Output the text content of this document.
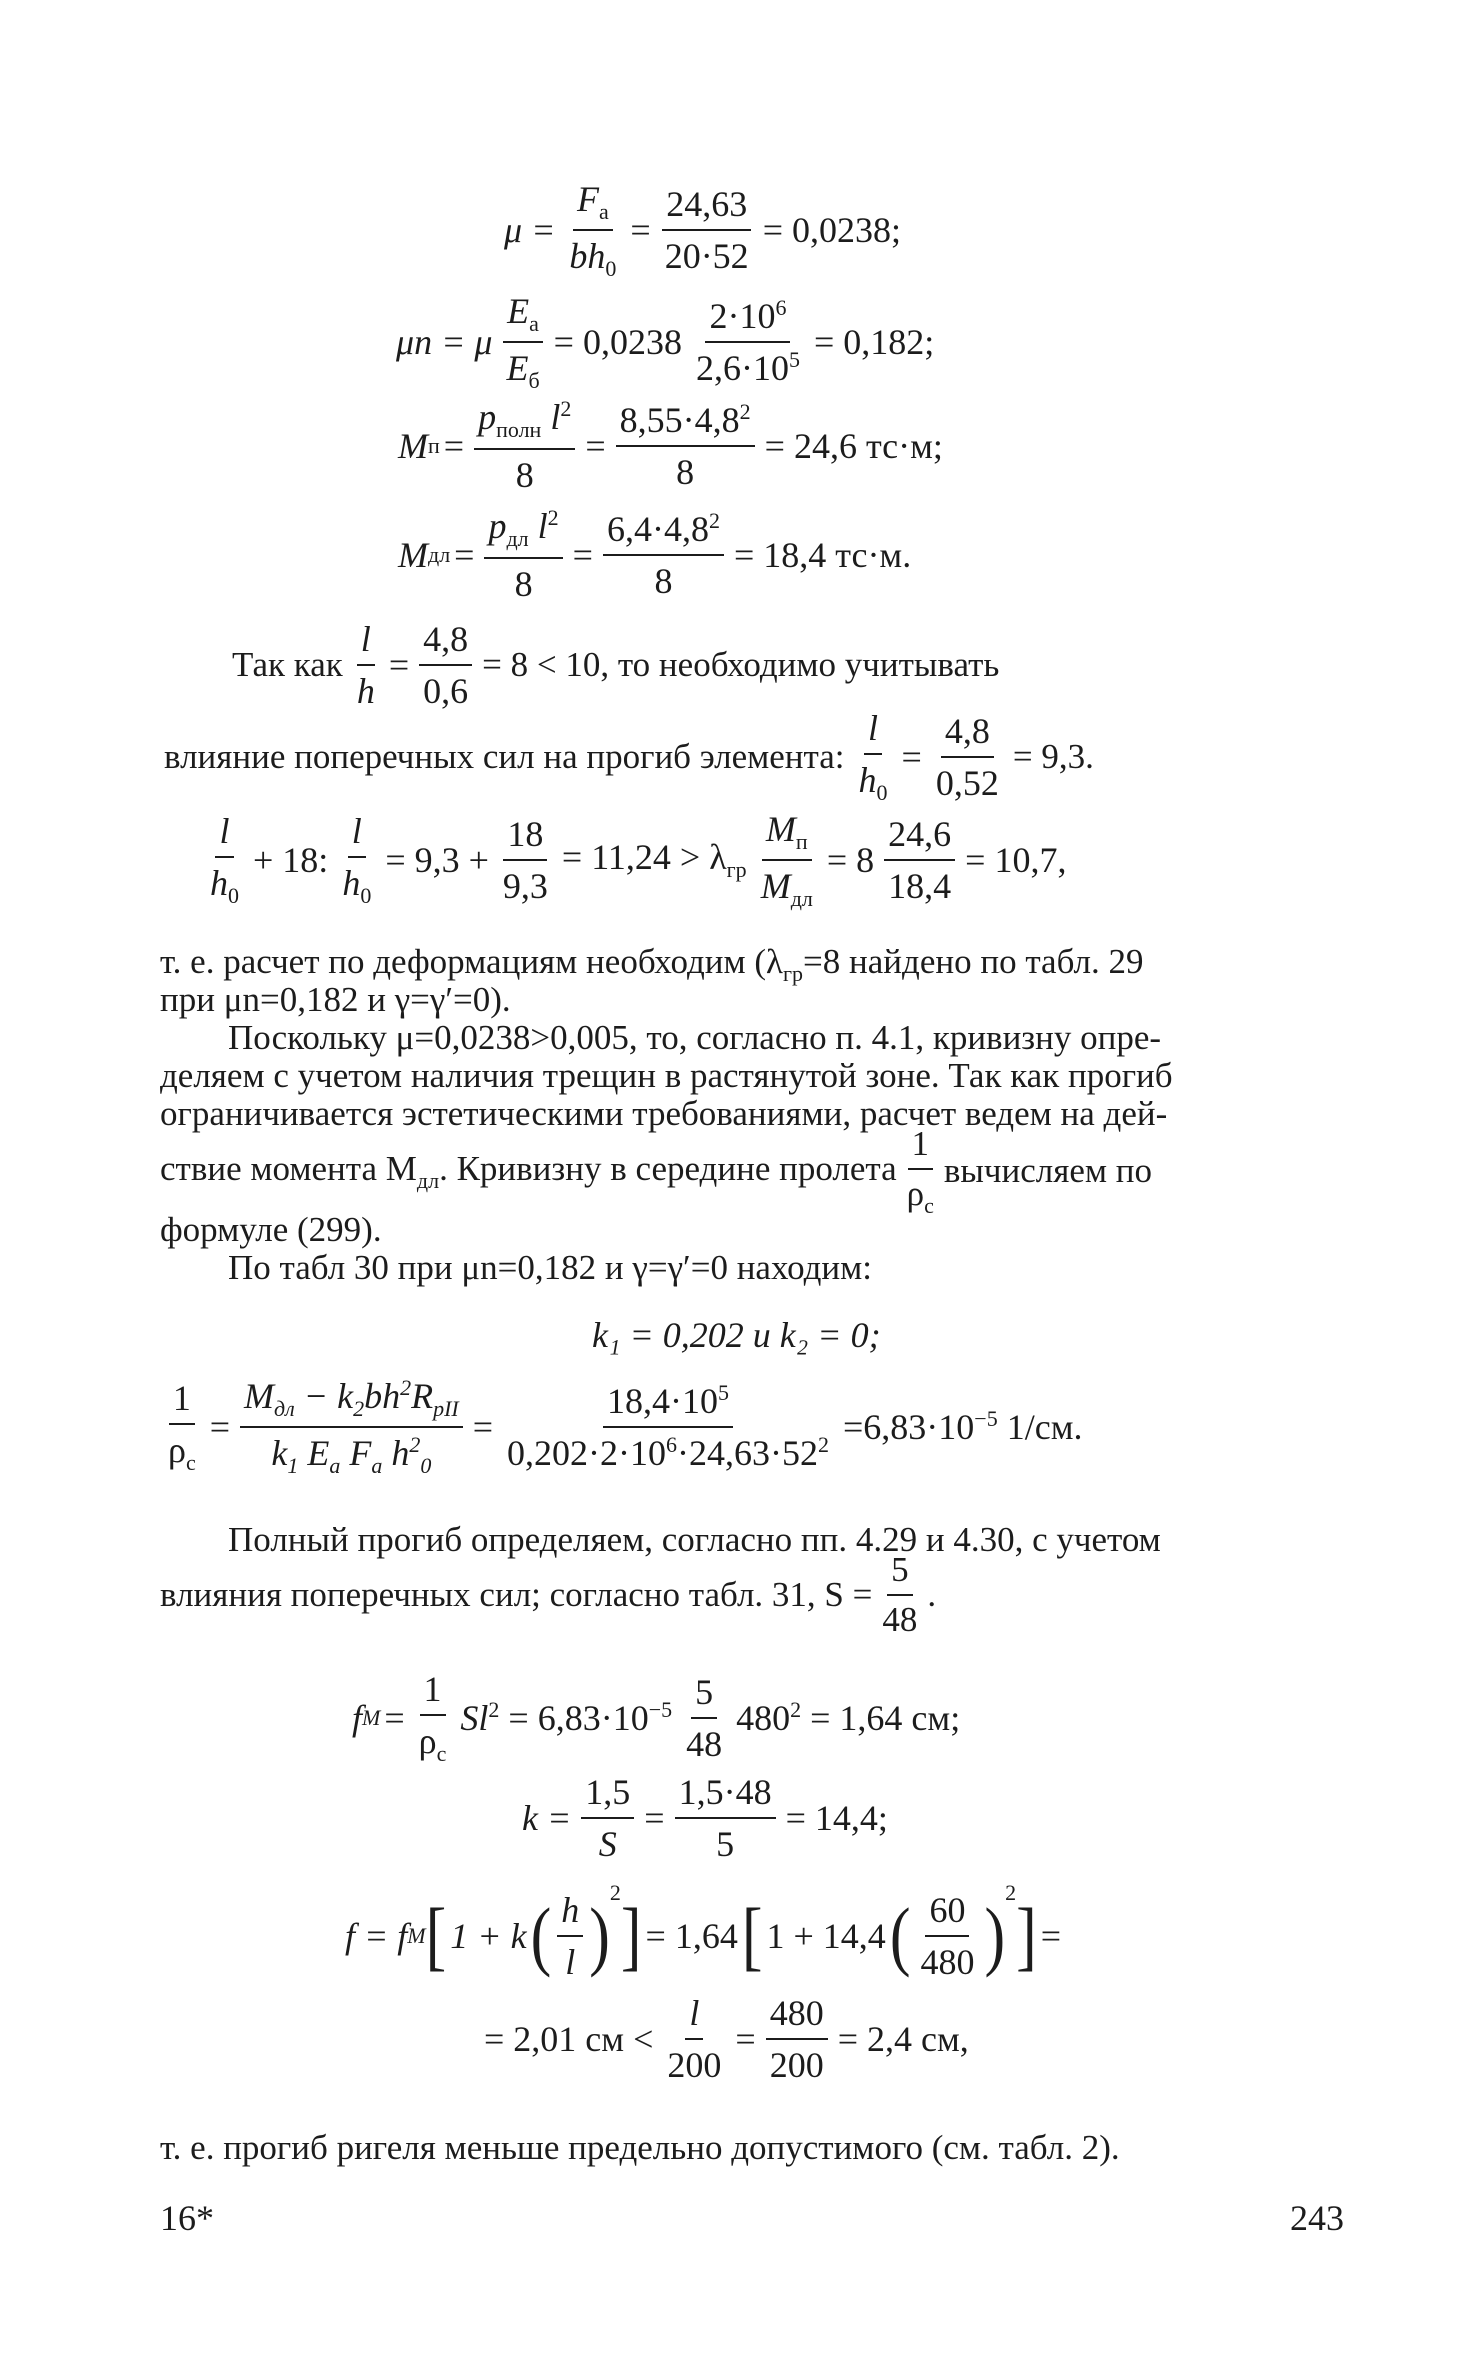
$\mu = \frac{F_а}{bh_0} = \frac{24,63}{20\cdot 52} = 0,0238$;
μn = μ $\frac{E_а}{E_б} = 0,0238 \frac{2\cdot 10^6}{2,6\cdot 10^5} = 0,182$;
M $п = \frac{p_{полн} l^2}{8} = \frac{8,55\cdot 4,8^2}{8} = 24,6$ тс·м;
M дл = $\frac{p_{дл} l^2}{8} = \frac{6,4\cdot 4,8^2}{8} = 18,4$ тс·м.
Так как $\frac{l}{h} = \frac{4,8}{0,6} = 8 < 10$, то необходимо учитывать
влияние поперечных сил на прогиб элемента: $\frac{l}{h_0} = \frac{4,8}{0,52} = 9,3$.
$\frac{l}{h_0} + 18$: $\frac{l}{h_0} = 9,3 + \frac{18}{9,3} = 11,24 > \lambda_{гр} \frac{M_п}{M_{дл}} = 8 \frac{24,6}{18,4} = 10,7$,
т. е. расчет по деформациям необходим ($\lambda_{гр}=8$ найдено по табл. 29
при μn=0,182 и γ=γ′=0).
Поскольку μ=0,0238>0,005, то, согласно п. 4.1, кривизну опре-
деляем с учетом наличия трещин в растянутой зоне. Так как прогиб
ограничивается эстетическими требованиями, расчет ведем на дей-
ствие момента $M_{дл}$. Кривизну в середине пролета $\frac{1}{\rho_с}$ вычисляем по
формуле (299).
По табл 30 при μn=0,182 и γ=γ′=0 находим:
k₁ = 0,202 и k₂ = 0;
$\frac{1}{\rho_с} = \frac{M_{дл} - k_2bh^2R_{pII}}{k_1 E_a F_a h^2_0} = \frac{18,4\cdot 10^5}{0,202\cdot 2\cdot 10^6\cdot 24,63\cdot 52^2} =6,83\cdot 10^{-5}$ 1/см.
Полный прогиб определяем, согласно пп. 4.29 и 4.30, с учетом
влияния поперечных сил; согласно табл. 31, $S = \frac{5}{48}$ .
f $M = \frac{1}{\rho_с} Sl^2 = 6,83\cdot 10^{-5} \frac{5}{48} 480^2 = 1,64$ см;
$k = \frac{1,5}{S} = \frac{1,5\cdot 48}{5} = 14,4$;
f = f M [ 1 + k ( $\frac{h}{l}$ )
$^2$
] = 1,64 [ 1 + 14,4 ( $\frac{60}{480}$ )
$^2$
] =
= 2,01 см < $\frac{l}{200} = \frac{480}{200} = 2,4$ см,
т. е. прогиб ригеля меньше предельно допустимого (см. табл. 2).
16*	243
